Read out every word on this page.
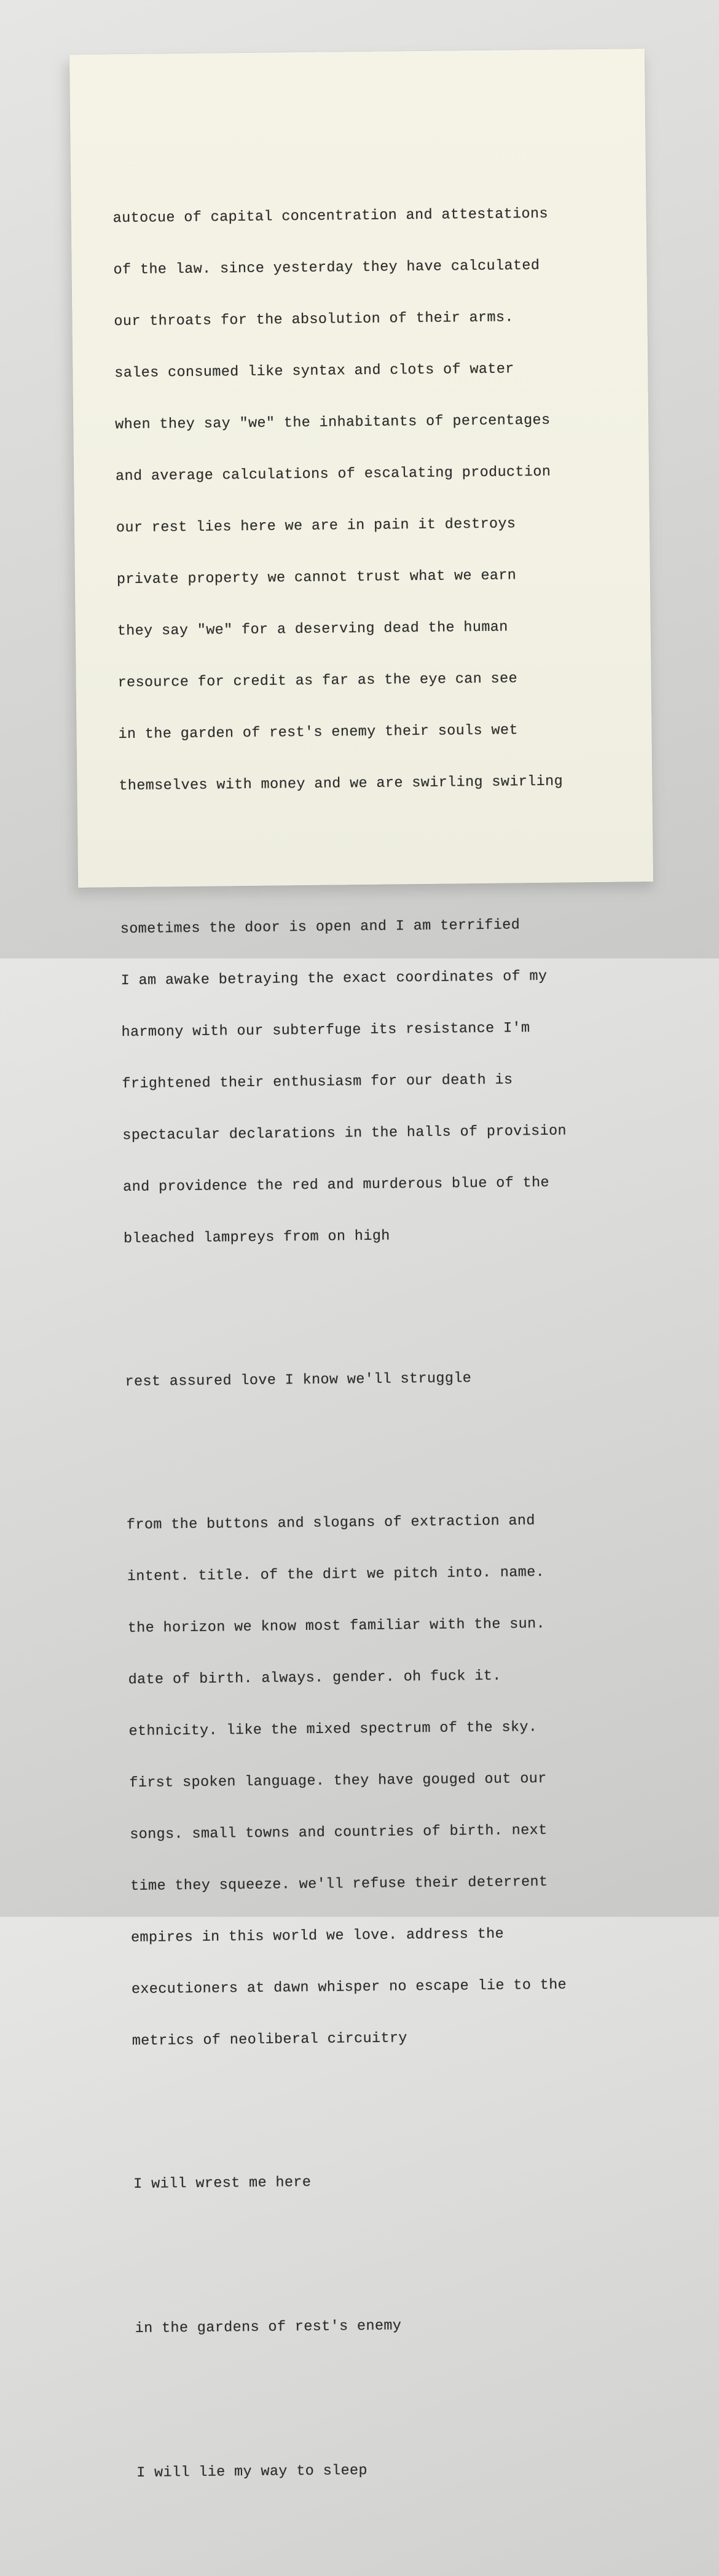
autocue of capital concentration and attestations

of the law. since yesterday they have calculated

our throats for the absolution of their arms.

sales consumed like syntax and clots of water

when they say "we" the inhabitants of percentages

and average calculations of escalating production

our rest lies here we are in pain it destroys

private property we cannot trust what we earn

they say "we" for a deserving dead the human

resource for credit as far as the eye can see

in the garden of rest's enemy their souls wet

themselves with money and we are swirling swirling

sometimes the door is open and I am terrified

I am awake betraying the exact coordinates of my

harmony with our subterfuge its resistance I'm

frightened their enthusiasm for our death is

spectacular declarations in the halls of provision

and providence the red and murderous blue of the

bleached lampreys from on high

rest assured love I know we'll struggle

from the buttons and slogans of extraction and

intent. title. of the dirt we pitch into. name.

the horizon we know most familiar with the sun.

date of birth. always. gender. oh fuck it.

ethnicity. like the mixed spectrum of the sky.

first spoken language. they have gouged out our

songs. small towns and countries of birth. next

time they squeeze. we'll refuse their deterrent

empires in this world we love. address the

executioners at dawn whisper no escape lie to the

metrics of neoliberal circuitry

I will wrest me here

in the gardens of rest's enemy

I will lie my way to sleep
